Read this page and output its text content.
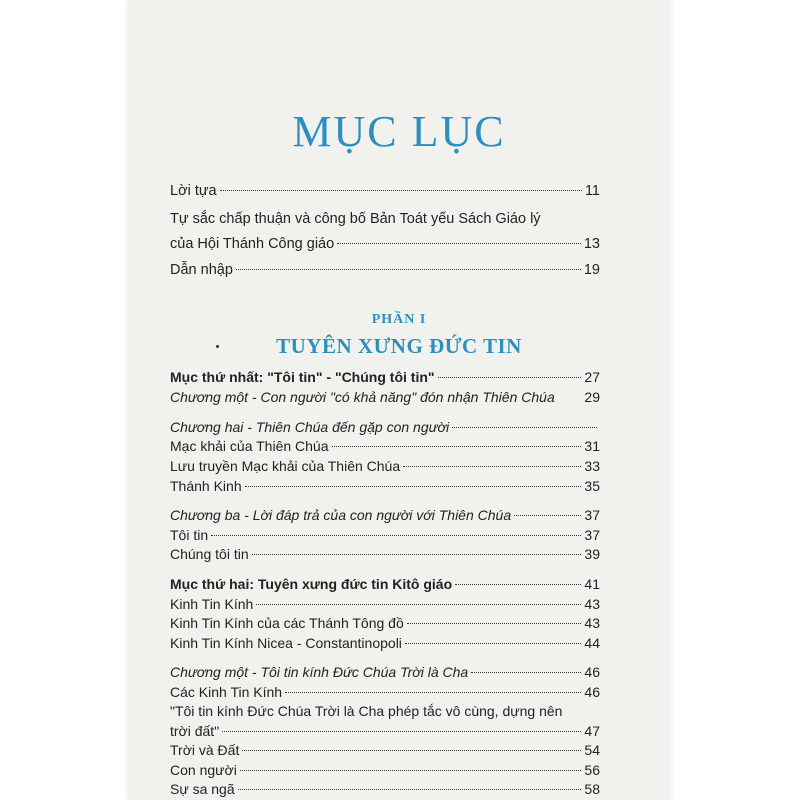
MỤC LỤC
Lời tựa	11
Tự sắc chấp thuận và công bố Bản Toát yếu Sách Giáo lý
của Hội Thánh Công giáo	13
Dẫn nhập	19
PHẦN I
TUYÊN XƯNG ĐỨC TIN
Mục thứ nhất: "Tôi tin" - "Chúng tôi tin"	27
Chương một - Con người "có khả năng" đón nhận Thiên Chúa 29
Chương hai - Thiên Chúa đến gặp con người
Mạc khải của Thiên Chúa	31
Lưu truyền Mạc khải của Thiên Chúa	33
Thánh Kinh	35
Chương ba - Lời đáp trả của con người với Thiên Chúa	37
Tôi tin	37
Chúng tôi tin	39
Mục thứ hai: Tuyên xưng đức tin Kitô giáo	41
Kinh Tin Kính	43
Kinh Tin Kính của các Thánh Tông đồ	43
Kinh Tin Kính Nicea - Constantinopoli	44
Chương một - Tôi tin kính Đức Chúa Trời là Cha	46
Các Kinh Tin Kính	46
"Tôi tin kính Đức Chúa Trời là Cha phép tắc vô cùng, dựng nên
trời đất"	47
Trời và Đất	54
Con người	56
Sự sa ngã	58
